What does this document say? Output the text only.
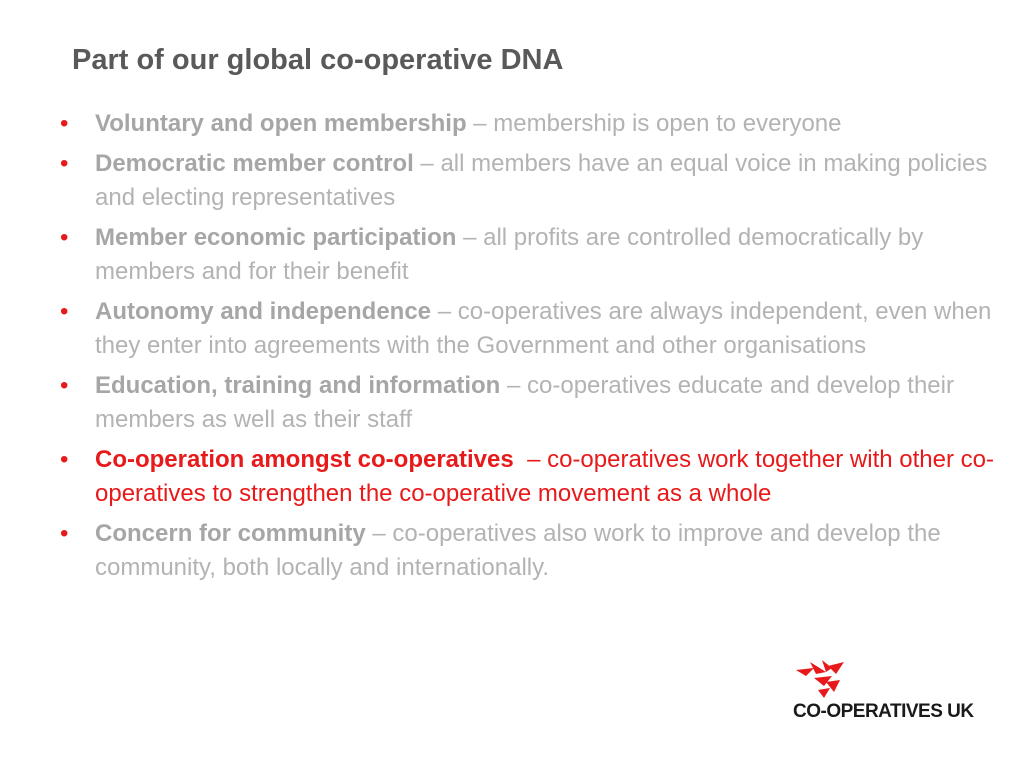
Part of our global co-operative DNA
• Voluntary and open membership – membership is open to everyone
• Democratic member control – all members have an equal voice in making policies and electing representatives
• Member economic participation – all profits are controlled democratically by members and for their benefit
• Autonomy and independence – co-operatives are always independent, even when they enter into agreements with the Government and other organisations
• Education, training and information – co-operatives educate and develop their members as well as their staff
• Co-operation amongst co-operatives  – co-operatives work together with other co-operatives to strengthen the co-operative movement as a whole
• Concern for community – co-operatives also work to improve and develop the community, both locally and internationally.
CO-OPERATIVES UK
